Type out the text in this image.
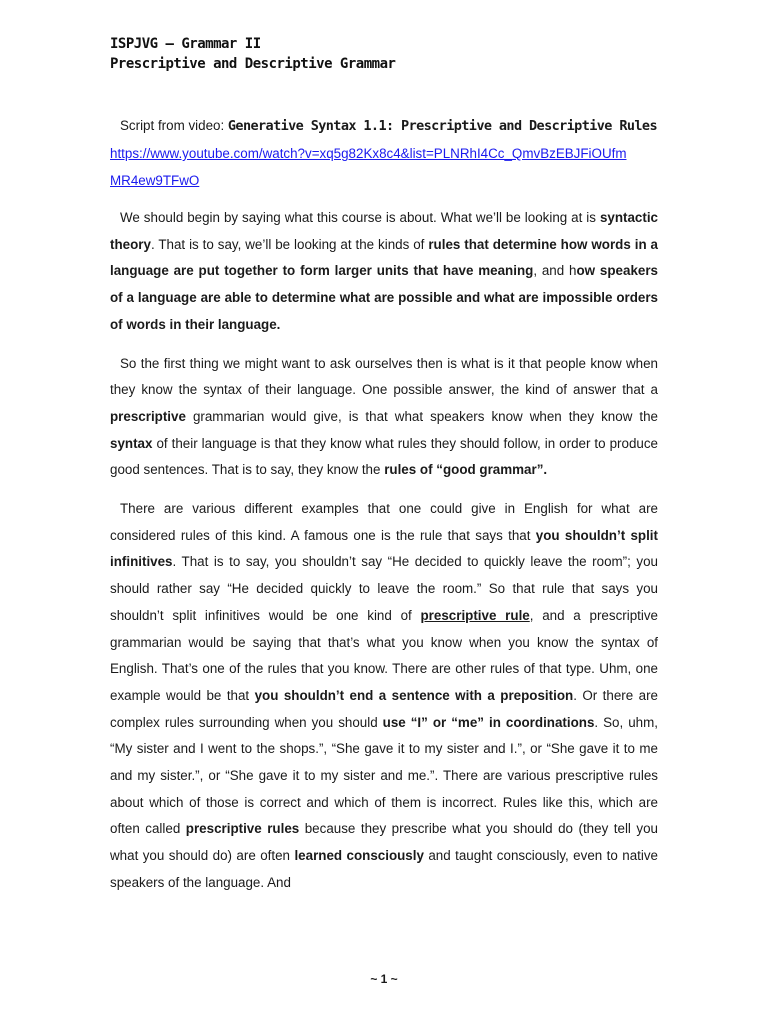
ISPJVG – Grammar II
Prescriptive and Descriptive Grammar
Script from video: Generative Syntax 1.1: Prescriptive and Descriptive Rules
https://www.youtube.com/watch?v=xq5g82Kx8c4&list=PLNRhI4Cc_QmvBzEBJFiOUfm
MR4ew9TFwO

We should begin by saying what this course is about. What we’ll be looking at is syntactic theory. That is to say, we’ll be looking at the kinds of rules that determine how words in a language are put together to form larger units that have meaning, and how speakers of a language are able to determine what are possible and what are impossible orders of words in their language.

So the first thing we might want to ask ourselves then is what is it that people know when they know the syntax of their language. One possible answer, the kind of answer that a prescriptive grammarian would give, is that what speakers know when they know the syntax of their language is that they know what rules they should follow, in order to produce good sentences. That is to say, they know the rules of “good grammar”.

There are various different examples that one could give in English for what are considered rules of this kind. A famous one is the rule that says that you shouldn’t split infinitives. That is to say, you shouldn’t say “He decided to quickly leave the room”; you should rather say “He decided quickly to leave the room.” So that rule that says you shouldn’t split infinitives would be one kind of prescriptive rule, and a prescriptive grammarian would be saying that that’s what you know when you know the syntax of English. That’s one of the rules that you know. There are other rules of that type. Uhm, one example would be that you shouldn’t end a sentence with a preposition. Or there are complex rules surrounding when you should use “I” or “me” in coordinations. So, uhm, “My sister and I went to the shops.”, “She gave it to my sister and I.”, or “She gave it to me and my sister.”, or “She gave it to my sister and me.”. There are various prescriptive rules about which of those is correct and which of them is incorrect. Rules like this, which are often called prescriptive rules because they prescribe what you should do (they tell you what you should do) are often learned consciously and taught consciously, even to native speakers of the language. And

~ 1 ~
